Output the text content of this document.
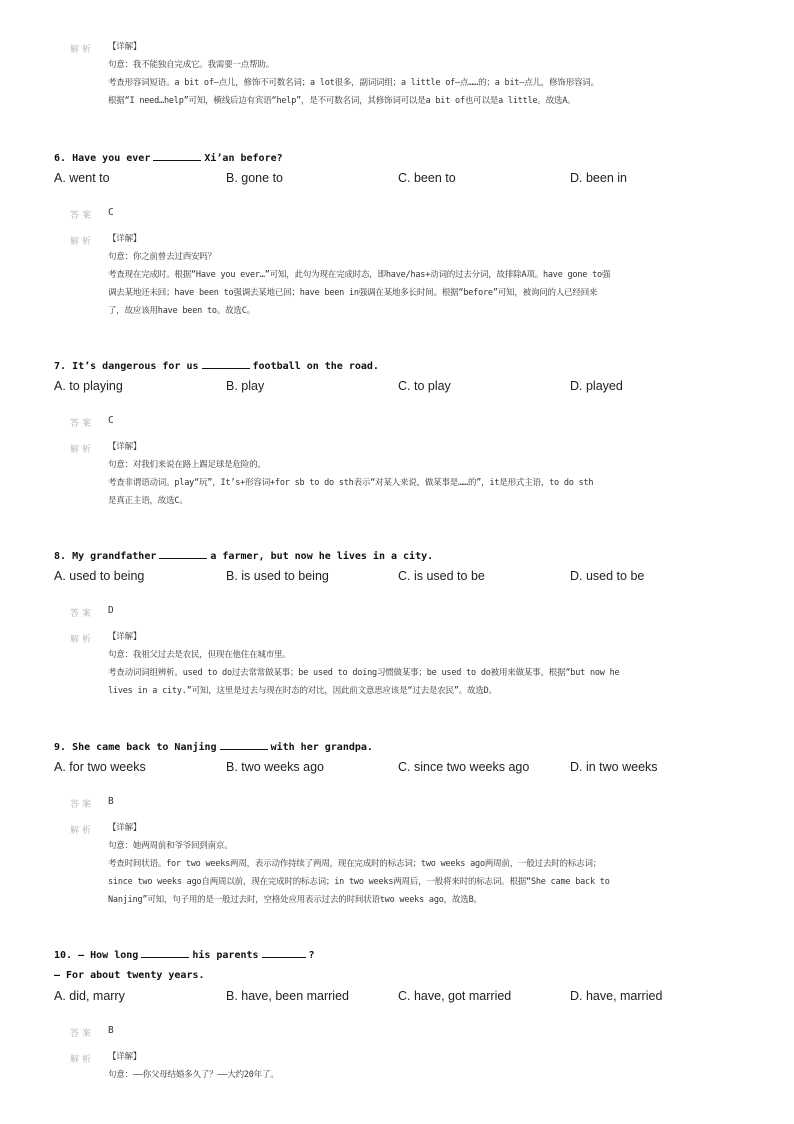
解析 【详解】

句意：我不能独自完成它。我需要一点帮助。

考查形容词短语。a bit of—点儿，修饰不可数名词；a lot很多，副词词组；a little of—点……的；a bit—点儿，修饰形容词。

根据“I need…help”可知，横线后边有宾语“help”，是不可数名词，其修饰词可以是a bit of也可以是a little。故选A。

6. Have you ever	Xi’an before?
A. went to	B. gone to	C. been to	D. been in
答案 C
解析 【详解】

句意：你之前曾去过西安吗？

考查现在完成时。根据“Have you ever…”可知，此句为现在完成时态，即have/has+动词的过去分词，故排除A项。have gone to强

调去某地还未回；have been to强调去某地已回；have been in强调在某地多长时间。根据“before”可知，被询问的人已经回来

了，故应该用have been to。故选C。

7. It’s dangerous for us	football on the road.
A. to playing	B. play	C. to play	D. played
答案 C
解析 【详解】

句意：对我们来说在路上踢足球是危险的。

考查非谓语动词。play“玩”，It’s+形容词+for sb to do sth表示“对某人来说，做某事是……的”，it是形式主语，to do sth

是真正主语，故选C。

8. My grandfather	a farmer, but now he lives in a city.
A. used to being	B. is used to being	C. is used to be	D. used to be
答案 D
解析 【详解】

句意：我祖父过去是农民，但现在他住在城市里。

考查动词词组辨析。used to do过去常常做某事；be used to doing习惯做某事；be used to do被用来做某事。根据“but now he

lives in a city.”可知，这里是过去与现在时态的对比，因此前文意思应该是“过去是农民”。故选D。

9. She came back to Nanjing	with her grandpa.
A. for two weeks	B. two weeks ago	C. since two weeks ago	D. in two weeks
答案 B
解析 【详解】

句意：她两周前和爷爷回到南京。

考查时间状语。for two weeks两周，表示动作持续了两周，现在完成时的标志词；two weeks ago两周前，一般过去时的标志词；

since two weeks ago自两周以前，现在完成时的标志词；in two weeks两周后，一般将来时的标志词。根据“She came back to

Nanjing”可知，句子用的是一般过去时，空格处应用表示过去的时间状语two weeks ago，故选B。

10. — How long	his parents	?
— For about twenty years.
A. did, marry	B. have, been married	C. have, got married	D. have, married
答案 B
解析 【详解】

句意：——你父母结婚多久了？——大约20年了。
